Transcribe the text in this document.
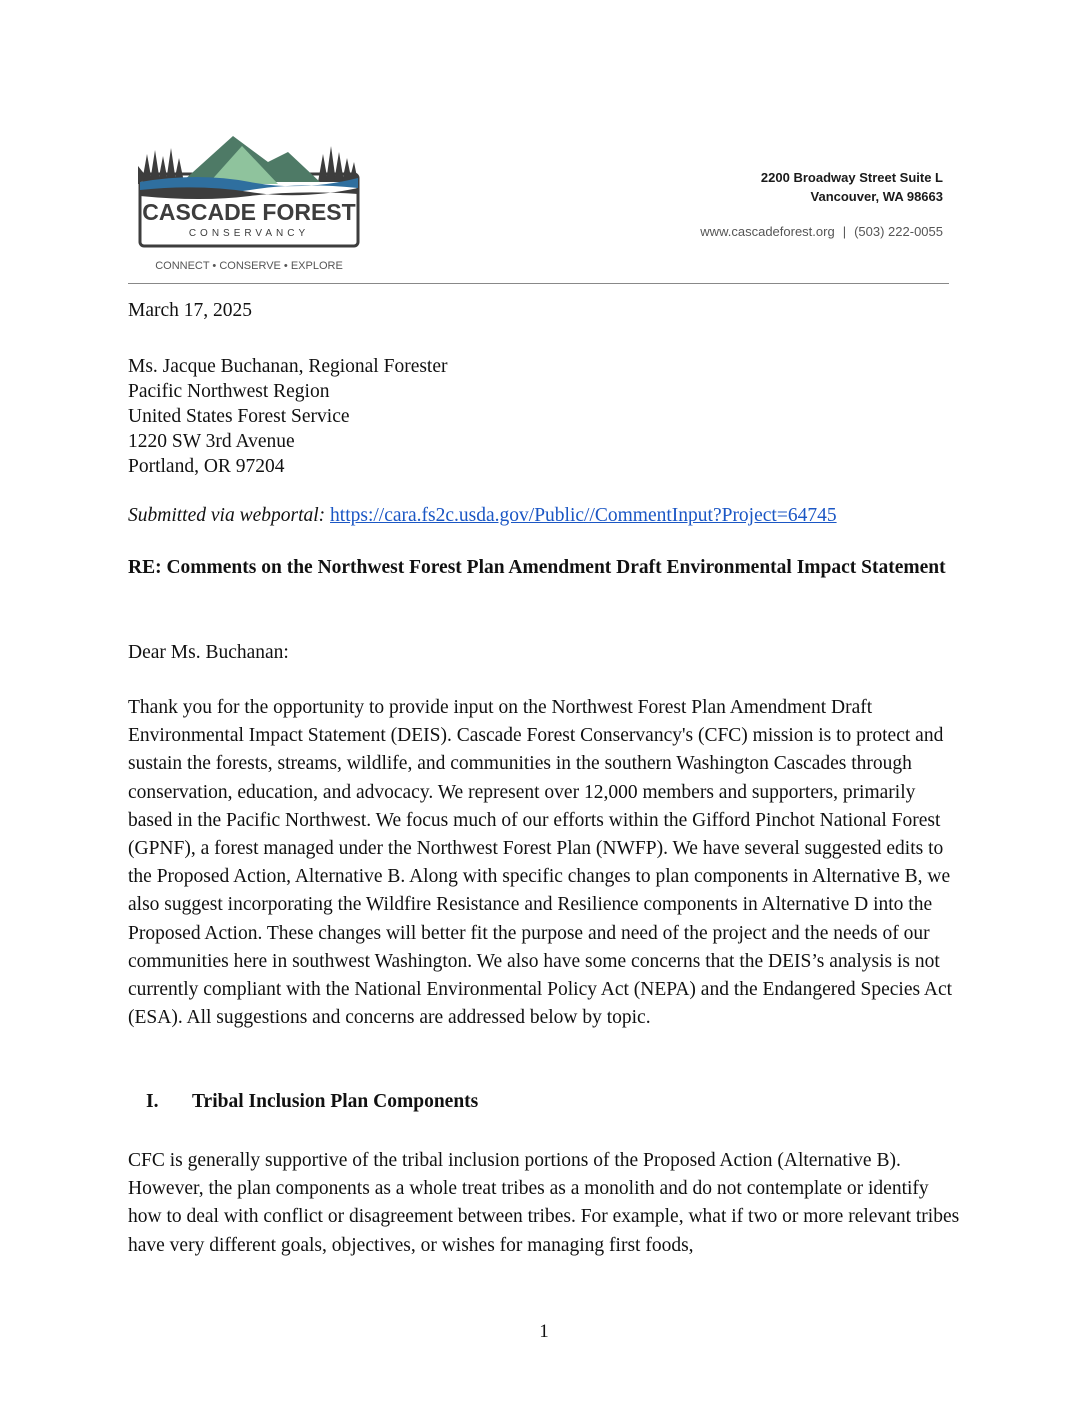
CASCADE FOREST
CONSERVANCY
CONNECT • CONSERVE • EXPLORE
2200 Broadway Street Suite L
Vancouver, WA 98663
www.cascadeforest.org | (503) 222-0055
March 17, 2025
Ms. Jacque Buchanan, Regional Forester
Pacific Northwest Region
United States Forest Service
1220 SW 3rd Avenue
Portland, OR 97204
Submitted via webportal: https://cara.fs2c.usda.gov/Public//CommentInput?Project=64745
RE: Comments on the Northwest Forest Plan Amendment Draft Environmental Impact Statement
Dear Ms. Buchanan:
Thank you for the opportunity to provide input on the Northwest Forest Plan Amendment Draft Environmental Impact Statement (DEIS). Cascade Forest Conservancy's (CFC) mission is to protect and sustain the forests, streams, wildlife, and communities in the southern Washington Cascades through conservation, education, and advocacy. We represent over 12,000 members and supporters, primarily based in the Pacific Northwest. We focus much of our efforts within the Gifford Pinchot National Forest (GPNF), a forest managed under the Northwest Forest Plan (NWFP). We have several suggested edits to the Proposed Action, Alternative B. Along with specific changes to plan components in Alternative B, we also suggest incorporating the Wildfire Resistance and Resilience components in Alternative D into the Proposed Action. These changes will better fit the purpose and need of the project and the needs of our communities here in southwest Washington. We also have some concerns that the DEIS’s analysis is not currently compliant with the National Environmental Policy Act (NEPA) and the Endangered Species Act (ESA). All suggestions and concerns are addressed below by topic.
I. Tribal Inclusion Plan Components
CFC is generally supportive of the tribal inclusion portions of the Proposed Action (Alternative B). However, the plan components as a whole treat tribes as a monolith and do not contemplate or identify how to deal with conflict or disagreement between tribes. For example, what if two or more relevant tribes have very different goals, objectives, or wishes for managing first foods,
1
